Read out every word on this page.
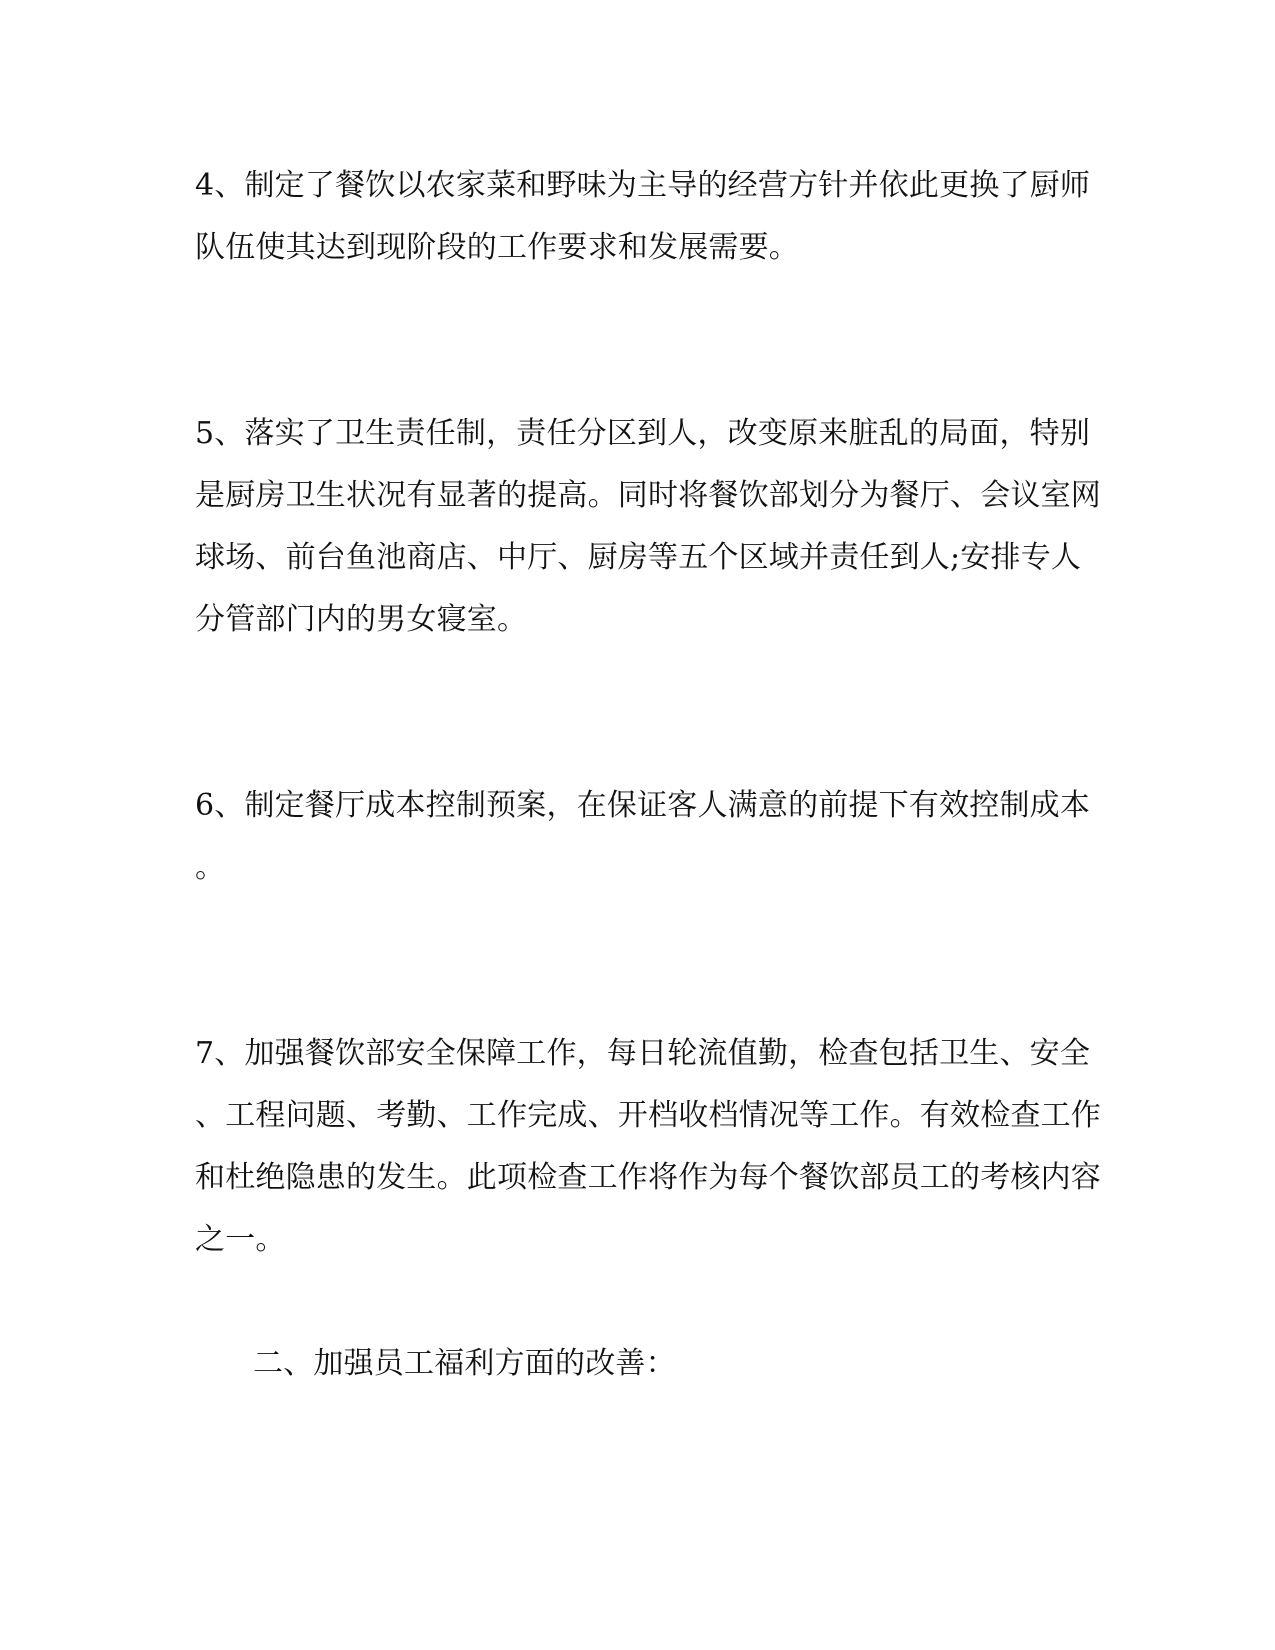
4、制定了餐饮以农家菜和野味为主导的经营方针并依此更换了厨师
队伍使其达到现阶段的工作要求和发展需要。
5、落实了卫生责任制，责任分区到人，改变原来脏乱的局面，特别
是厨房卫生状况有显著的提高。同时将餐饮部划分为餐厅、会议室网
球场、前台鱼池商店、中厅、厨房等五个区域并责任到人;安排专人
分管部门内的男女寝室。
6、制定餐厅成本控制预案，在保证客人满意的前提下有效控制成本
。
7、加强餐饮部安全保障工作，每日轮流值勤，检查包括卫生、安全
、工程问题、考勤、工作完成、开档收档情况等工作。有效检查工作
和杜绝隐患的发生。此项检查工作将作为每个餐饮部员工的考核内容
之一。
二、加强员工福利方面的改善：
